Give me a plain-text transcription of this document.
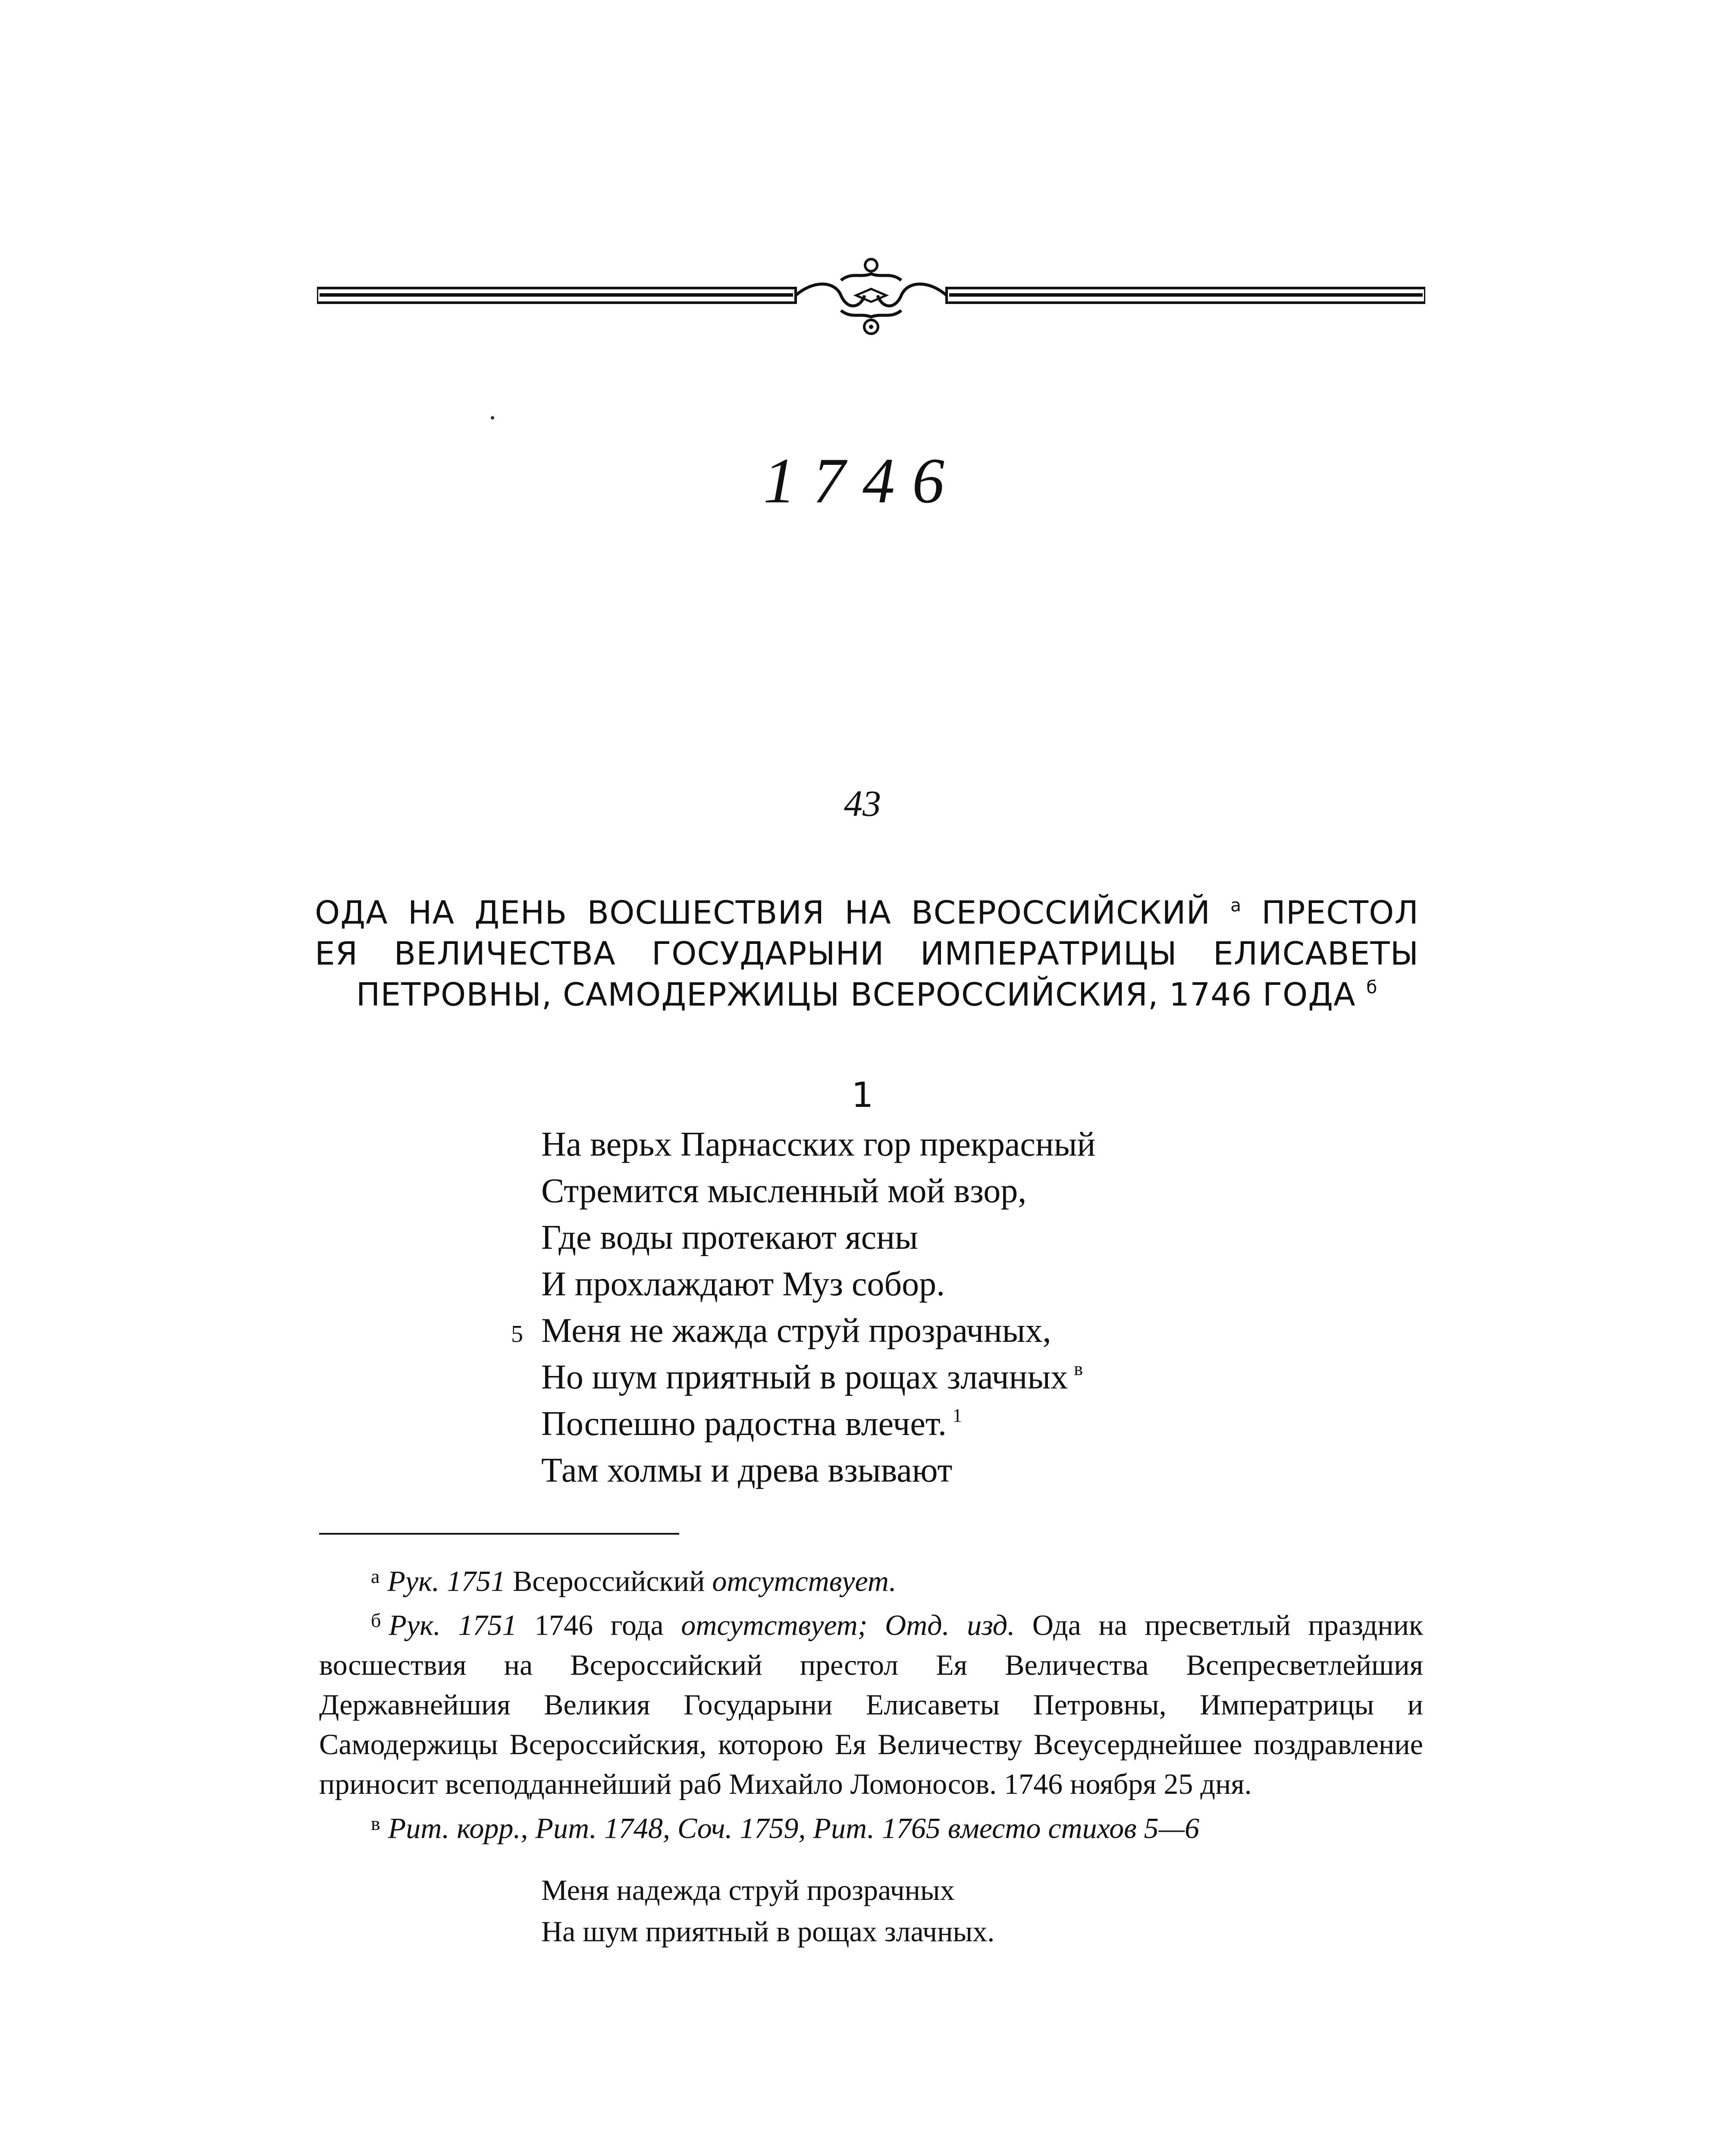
1746
43
ОДА НА ДЕНЬ ВОСШЕСТВИЯ НА ВСЕРОССИЙСКИЙ $^а$ ПРЕСТОЛ
ЕЯ ВЕЛИЧЕСТВА ГОСУДАРЫНИ ИМПЕРАТРИЦЫ ЕЛИСАВЕТЫ
ПЕТРОВНЫ, САМОДЕРЖИЦЫ ВСЕРОССИЙСКИЯ, 1746 ГОДА $^б$
1
На верьх Парнасских гор прекрасный
Стремится мысленный мой взор,
Где воды протекают ясны
И прохлаждают Муз собор.
5 Меня не жажда струй прозрачных,
Но шум приятный в рощах злачных $^в$
Поспешно радостна влечет. $^1$
Там холмы и древа взывают
$^а$ Рук. 1751 Всероссийский отсутствует.
$^б$ Рук. 1751 1746 года отсутствует; Отд. изд. Ода на пресветлый праздник восшествия на Всероссийский престол Ея Величества Всепресветлейшия Державнейшия Великия Государыни Елисаветы Петровны, Императрицы и Самодержицы Всероссийския, которою Ея Величеству Всеусерднейшее поздравление приносит всеподданнейший раб Михайло Ломоносов. 1746 ноября 25 дня.
$^в$ Рит. корр., Рит. 1748, Соч. 1759, Рит. 1765 вместо стихов 5—6
Меня надежда струй прозрачных
На шум приятный в рощах злачных.
